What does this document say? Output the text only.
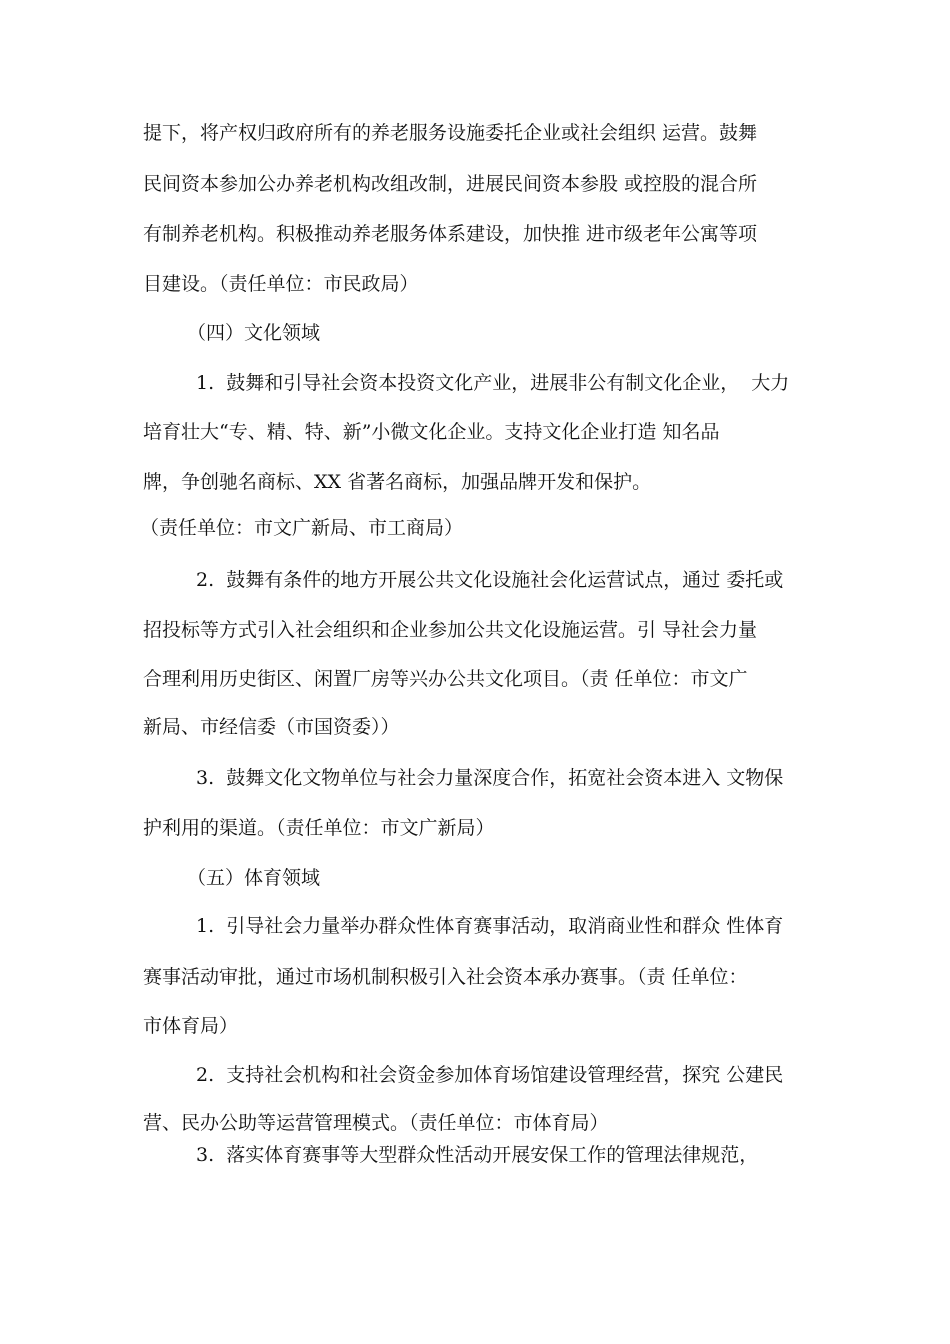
提下，将产权归政府所有的养老服务设施委托企业或社会组织 运营。鼓舞
民间资本参加公办养老机构改组改制，进展民间资本参股 或控股的混合所
有制养老机构。积极推动养老服务体系建设，加快推 进市级老年公寓等项
目建设。（责任单位：市民政局）
（四）文化领域
1.  鼓舞和引导社会资本投资文化产业，进展非公有制文化企业，  大力
培育壮大“专、精、特、新”小微文化企业。支持文化企业打造 知名品
牌，争创驰名商标、XX 省著名商标，加强品牌开发和保护。
（责任单位：市文广新局、市工商局）
2.  鼓舞有条件的地方开展公共文化设施社会化运营试点，通过 委托或
招投标等方式引入社会组织和企业参加公共文化设施运营。引 导社会力量
合理利用历史街区、闲置厂房等兴办公共文化项目。（责 任单位：市文广
新局、市经信委（市国资委））
3.  鼓舞文化文物单位与社会力量深度合作，拓宽社会资本进入 文物保
护利用的渠道。（责任单位：市文广新局）
（五）体育领域
1.  引导社会力量举办群众性体育赛事活动，取消商业性和群众 性体育
赛事活动审批，通过市场机制积极引入社会资本承办赛事。（责 任单位：
市体育局）
2.  支持社会机构和社会资金参加体育场馆建设管理经营，探究 公建民
营、民办公助等运营管理模式。（责任单位：市体育局）
3.  落实体育赛事等大型群众性活动开展安保工作的管理法律规范，
